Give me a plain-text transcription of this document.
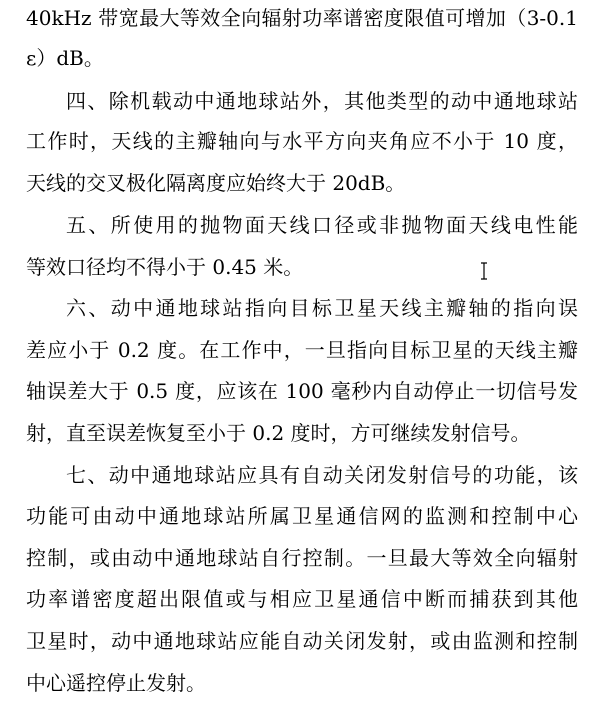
40kHz 带宽最大等效全向辐射功率谱密度限值可增加（3-0.1
ε）dB。
四、除机载动中通地球站外，其他类型的动中通地球站
工作时，天线的主瓣轴向与水平方向夹角应不小于 10 度，
天线的交叉极化隔离度应始终大于 20dB。
五、所使用的抛物面天线口径或非抛物面天线电性能
等效口径均不得小于 0.45 米。
六、动中通地球站指向目标卫星天线主瓣轴的指向误
差应小于 0.2 度。在工作中，一旦指向目标卫星的天线主瓣
轴误差大于 0.5 度，应该在 100 毫秒内自动停止一切信号发
射，直至误差恢复至小于 0.2 度时，方可继续发射信号。
七、动中通地球站应具有自动关闭发射信号的功能，该
功能可由动中通地球站所属卫星通信网的监测和控制中心
控制，或由动中通地球站自行控制。一旦最大等效全向辐射
功率谱密度超出限值或与相应卫星通信中断而捕获到其他
卫星时，动中通地球站应能自动关闭发射，或由监测和控制
中心遥控停止发射。
